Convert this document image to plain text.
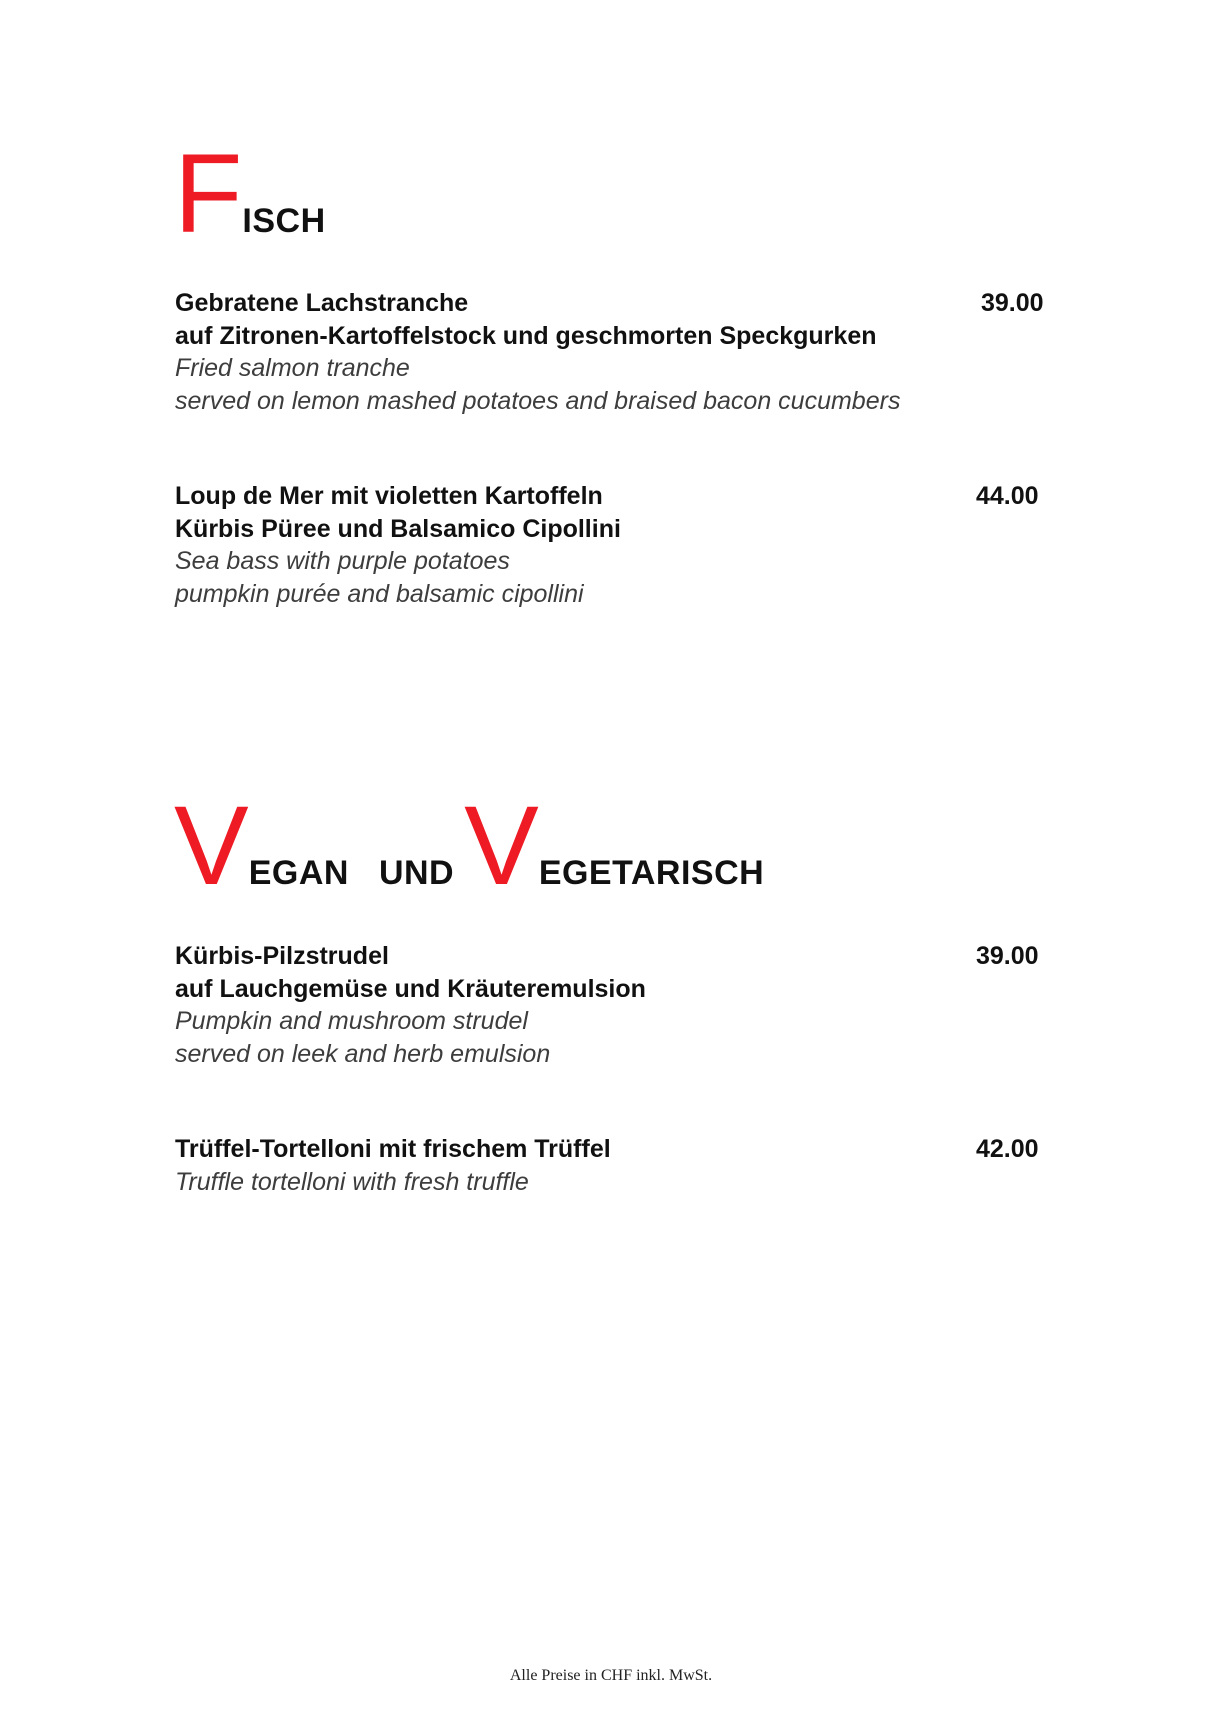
F ISCH
Gebratene Lachstranche
auf Zitronen-Kartoffelstock und geschmorten Speckgurken
Fried salmon tranche
served on lemon mashed potatoes and braised bacon cucumbers
39.00
Loup de Mer mit violetten Kartoffeln
Kürbis Püree und Balsamico Cipollini
Sea bass with purple potatoes
pumpkin purée and balsamic cipollini
44.00
V EGAN UND V EGETARISCH
Kürbis-Pilzstrudel
auf Lauchgemüse und Kräuteremulsion
Pumpkin and mushroom strudel
served on leek and herb emulsion
39.00
Trüffel-Tortelloni mit frischem Trüffel
Truffle tortelloni with fresh truffle
42.00
Alle Preise in CHF inkl. MwSt.
